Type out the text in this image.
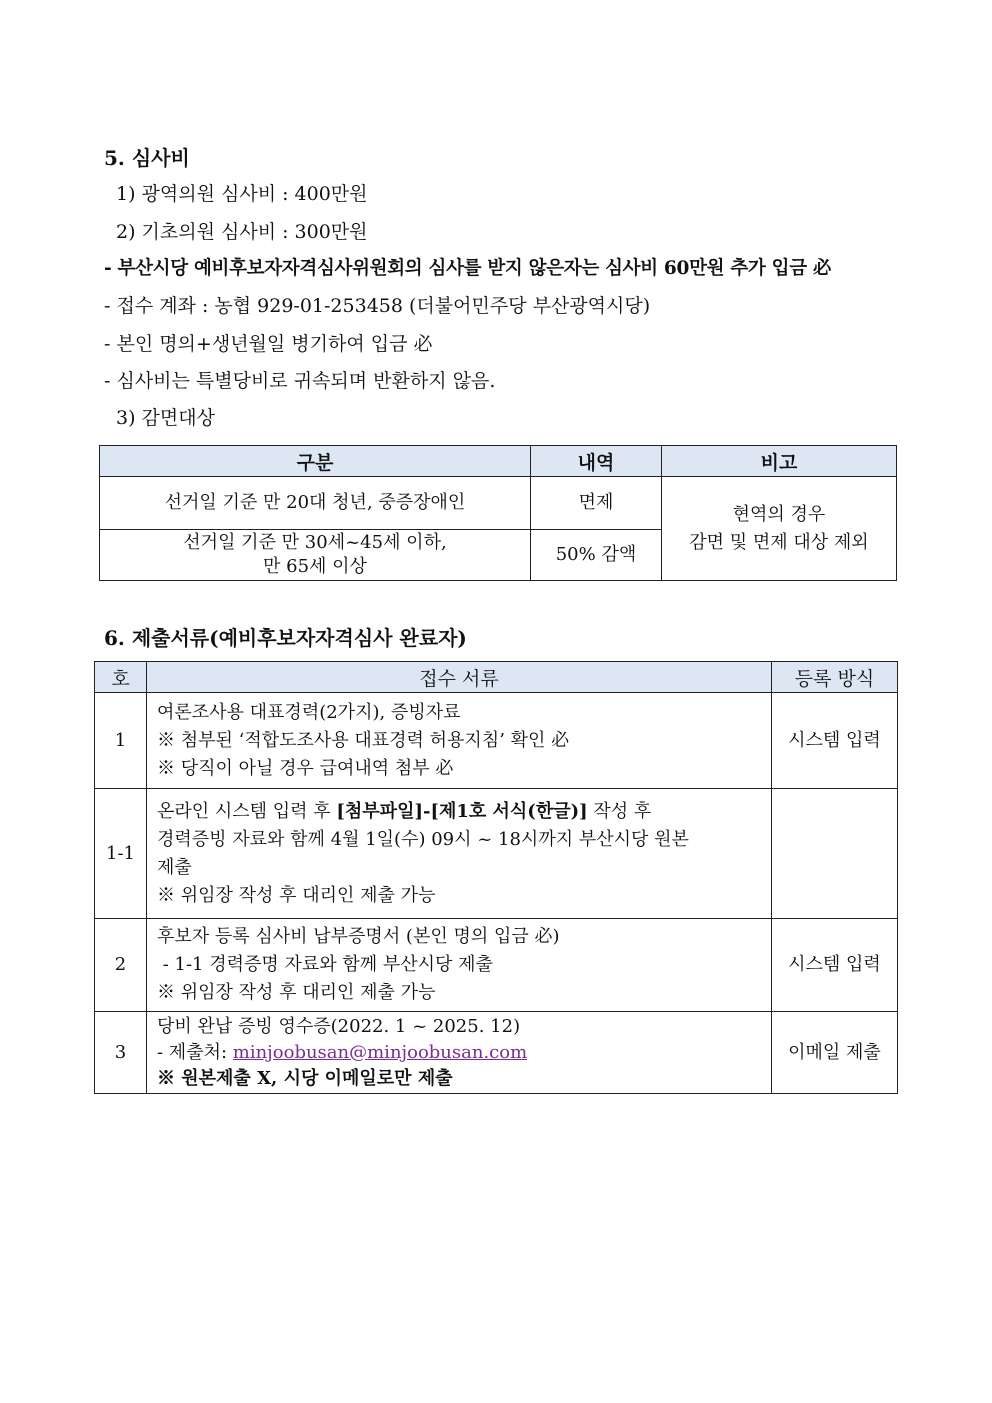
5. 심사비
1) 광역의원 심사비 : 400만원
2) 기초의원 심사비 : 300만원
- 부산시당 예비후보자자격심사위원회의 심사를 받지 않은자는 심사비 60만원 추가 입금 必
- 접수 계좌 : 농협 929-01-253458 (더불어민주당 부산광역시당)
- 본인 명의+생년월일 병기하여 입금 必
- 심사비는 특별당비로 귀속되며 반환하지 않음.
3) 감면대상
구분	내역	비고

선거일 기준 만 20대 청년, 중증장애인	면제	현역의 경우
감면 및 면제 대상 제외

선거일 기준 만 30세~45세 이하,
만 65세 이상	50% 감액	
6. 제출서류(예비후보자자격심사 완료자)
호	접수 서류	등록 방식
1	여론조사용 대표경력(2가지), 증빙자료
※ 첨부된 ‘적합도조사용 대표경력 허용지침’ 확인 必
※ 당직이 아닐 경우 급여내역 첨부 必	시스템 입력
1-1	온라인 시스템 입력 후 [첨부파일]-[제1호 서식(한글)] 작성 후
경력증빙 자료와 함께 4월 1일(수) 09시 ~ 18시까지 부산시당 원본
제출
※ 위임장 작성 후 대리인 제출 가능	

2	후보자 등록 심사비 납부증명서 (본인 명의 입금 必)
- 1-1 경력증명 자료와 함께 부산시당 제출
※ 위임장 작성 후 대리인 제출 가능	시스템 입력
3	당비 완납 증빙 영수증(2022. 1 ~ 2025. 12)
- 제출처: minjoobusan@minjoobusan.com
※ 원본제출 X, 시당 이메일로만 제출	이메일 제출
